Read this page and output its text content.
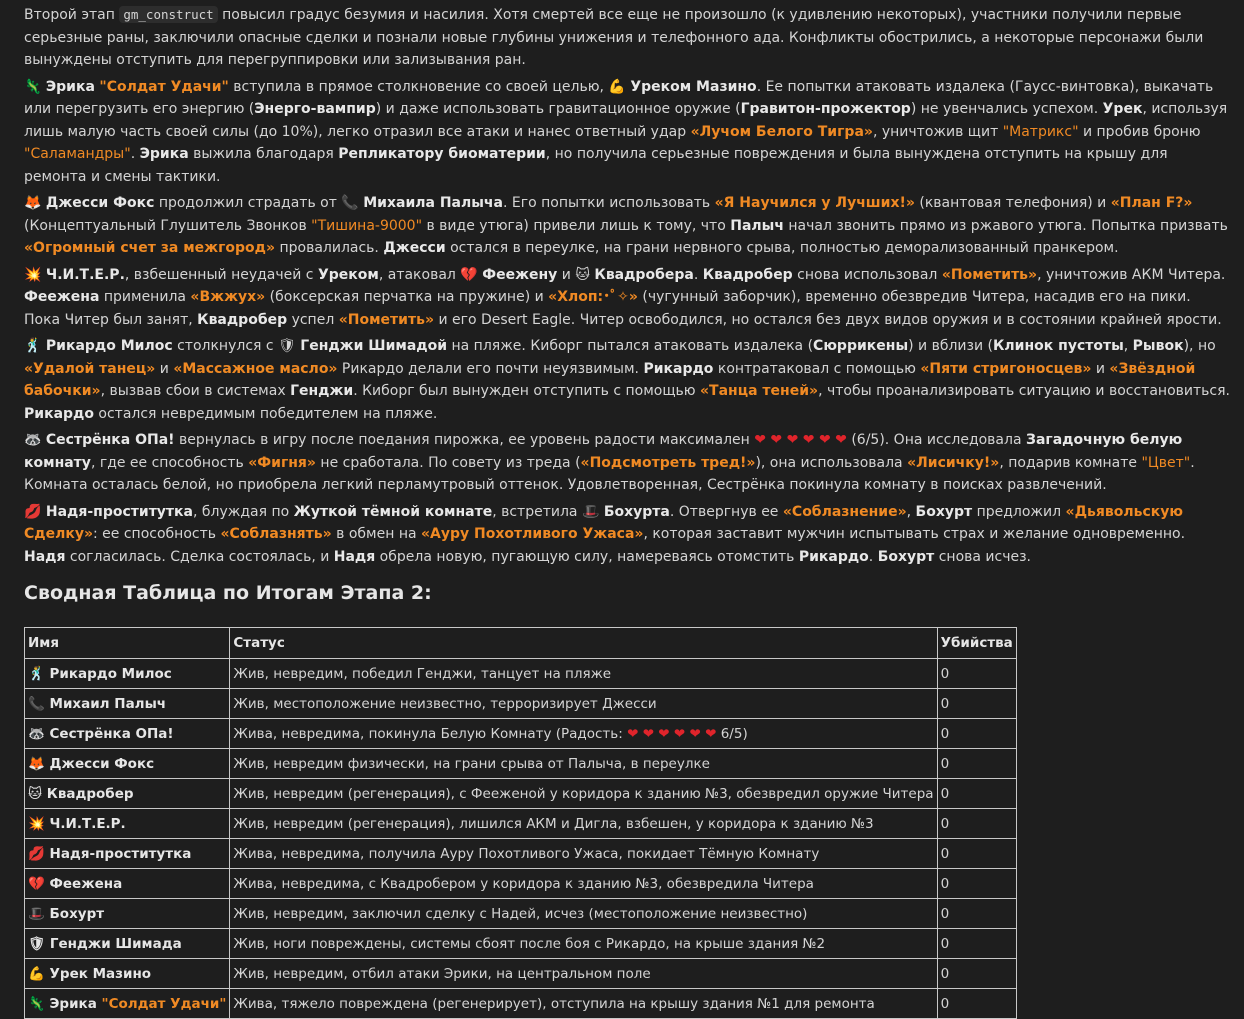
Второй этап gm_construct повысил градус безумия и насилия. Хотя смертей все еще не произошло (к удивлению некоторых), участники получили первые серьезные раны, заключили опасные сделки и познали новые глубины унижения и телефонного ада. Конфликты обострились, а некоторые персонажи были вынуждены отступить для перегруппировки или зализывания ран.

🦎 Эрика "Солдат Удачи" вступила в прямое столкновение со своей целью, 💪 Уреком Мазино. Ее попытки атаковать издалека (Гаусс-винтовка), выкачать или перегрузить его энергию (Энерго-вампир) и даже использовать гравитационное оружие (Гравитон-прожектор) не увенчались успехом. Урек, используя лишь малую часть своей силы (до 10%), легко отразил все атаки и нанес ответный удар «Лучом Белого Тигра», уничтожив щит "Матрикс" и пробив броню "Саламандры". Эрика выжила благодаря Репликатору биоматерии, но получила серьезные повреждения и была вынуждена отступить на крышу для ремонта и смены тактики.

🦊 Джесси Фокс продолжил страдать от 📞 Михаила Палыча. Его попытки использовать «Я Научился у Лучших!» (квантовая телефония) и «План F?» (Концептуальный Глушитель Звонков "Тишина-9000" в виде утюга) привели лишь к тому, что Палыч начал звонить прямо из ржавого утюга. Попытка призвать «Огромный счет за межгород» провалилась. Джесси остался в переулке, на грани нервного срыва, полностью деморализованный пранкером.

💥 Ч.И.Т.Е.Р., взбешенный неудачей с Уреком, атаковал 💔 Феежену и 🐱 Квадробера. Квадробер снова использовал «Пометить», уничтожив АКМ Читера. Феежена применила «Вжжух» (боксерская перчатка на пружине) и «Хлоп:･ﾟ✧» (чугунный заборчик), временно обезвредив Читера, насадив его на пики. Пока Читер был занят, Квадробер успел «Пометить» и его Desert Eagle. Читер освободился, но остался без двух видов оружия и в состоянии крайней ярости.

🕺 Рикардо Милос столкнулся с 🛡 Генджи Шимадой на пляже. Киборг пытался атаковать издалека (Сюррикены) и вблизи (Клинок пустоты, Рывок), но «Удалой танец» и «Массажное масло» Рикардо делали его почти неуязвимым. Рикардо контратаковал с помощью «Пяти стригоносцев» и «Звёздной бабочки», вызвав сбои в системах Генджи. Киборг был вынужден отступить с помощью «Танца теней», чтобы проанализировать ситуацию и восстановиться. Рикардо остался невредимым победителем на пляже.

🦝 Сестрёнка ОПа! вернулась в игру после поедания пирожка, ее уровень радости максимален ❤ ❤ ❤ ❤ ❤ ❤ (6/5). Она исследовала Загадочную белую комнату, где ее способность «Фигня» не сработала. По совету из треда («Подсмотреть тред!»), она использовала «Лисичку!», подарив комнате "Цвет". Комната осталась белой, но приобрела легкий перламутровый оттенок. Удовлетворенная, Сестрёнка покинула комнату в поисках развлечений.

💋 Надя-проститутка, блуждая по Жуткой тёмной комнате, встретила 🎩 Бохурта. Отвергнув ее «Соблазнение», Бохурт предложил «Дьявольскую Сделку»: ее способность «Соблазнять» в обмен на «Ауру Похотливого Ужаса», которая заставит мужчин испытывать страх и желание одновременно. Надя согласилась. Сделка состоялась, и Надя обрела новую, пугающую силу, намереваясь отомстить Рикардо. Бохурт снова исчез.

Сводная Таблица по Итогам Этапа 2:
Имя	Статус	Убийства
🕺 Рикардо Милос	Жив, невредим, победил Генджи, танцует на пляже	0
📞 Михаил Палыч	Жив, местоположение неизвестно, терроризирует Джесси	0
🦝 Сестрёнка ОПа!	Жива, невредима, покинула Белую Комнату (Радость: ❤ ❤ ❤ ❤ ❤ ❤ 6/5)	0
🦊 Джесси Фокс	Жив, невредим физически, на грани срыва от Палыча, в переулке	0
🐱 Квадробер	Жив, невредим (регенерация), с Феежeной у коридора к зданию №3, обезвредил оружие Читера	0
💥 Ч.И.Т.Е.Р.	Жив, невредим (регенерация), лишился АКМ и Дигла, взбешен, у коридора к зданию №3	0
💋 Надя-проститутка	Жива, невредима, получила Ауру Похотливого Ужаса, покидает Тёмную Комнату	0
💔 Феежена	Жива, невредима, с Квадробером у коридора к зданию №3, обезвредила Читера	0
🎩 Бохурт	Жив, невредим, заключил сделку с Надей, исчез (местоположение неизвестно)	0
🛡 Генджи Шимада	Жив, ноги повреждены, системы сбоят после боя с Рикардо, на крыше здания №2	0
💪 Урек Мазино	Жив, невредим, отбил атаки Эрики, на центральном поле	0
🦎 Эрика "Солдат Удачи"	Жива, тяжело повреждена (регенерирует), отступила на крышу здания №1 для ремонта	0
